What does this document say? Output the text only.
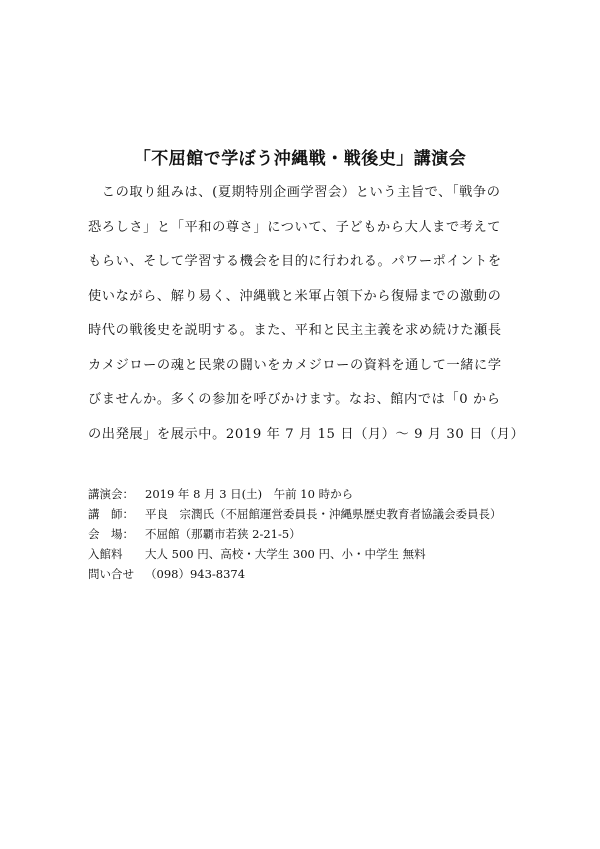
「不屈館で学ぼう沖縄戦・戦後史」講演会
　この取り組みは、(夏期特別企画学習会）という主旨で、「戦争の
恐ろしさ」と「平和の尊さ」について、子どもから大人まで考えて
もらい、そして学習する機会を目的に行われる。パワーポイントを
使いながら、解り易く、沖縄戦と米軍占領下から復帰までの激動の
時代の戦後史を説明する。また、平和と民主主義を求め続けた瀬長
カメジローの魂と民衆の闘いをカメジローの資料を通して一緒に学
びませんか。多くの参加を呼びかけます。なお、館内では「0 から
の出発展」を展示中。2019 年 7 月 15 日（月）～ 9 月 30 日（月）
講演会： 2019 年 8 月 3 日(土)　午前 10 時から
講　師： 平良　宗潤氏（不屈館運営委員長・沖縄県歴史教育者協議会委員長）
会　場： 不屈館（那覇市若狭 2-21-5）
入館料 大人 500 円、高校・大学生 300 円、小・中学生 無料
問い合せ （098）943-8374
